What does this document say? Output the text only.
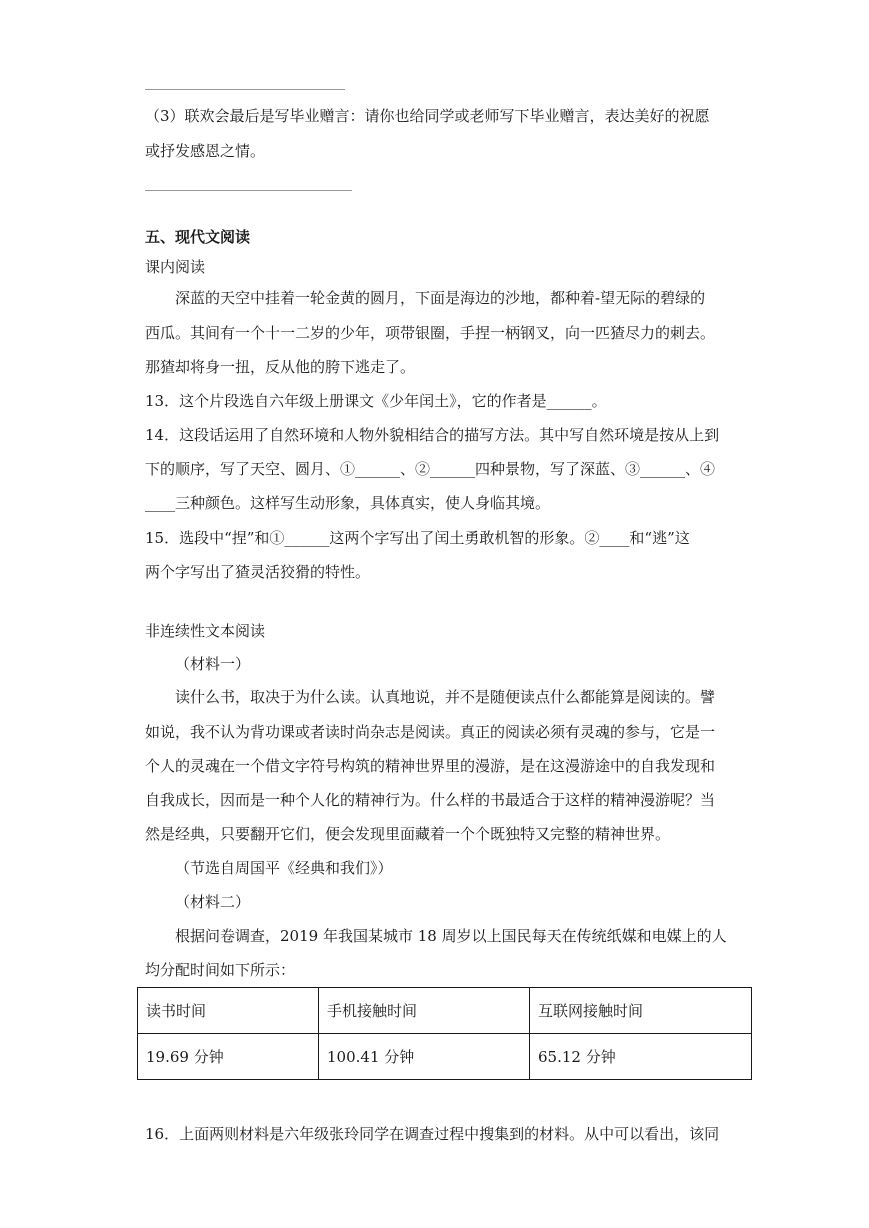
（3）联欢会最后是写毕业赠言：请你也给同学或老师写下毕业赠言，表达美好的祝愿
或抒发感恩之情。
五、现代文阅读
课内阅读
深蓝的天空中挂着一轮金黄的圆月，下面是海边的沙地，都种着-望无际的碧绿的
西瓜。其间有一个十一二岁的少年，项带银圈，手捏一柄钢叉，向一匹猹尽力的刺去。
那猹却将身一扭，反从他的胯下逃走了。
13．这个片段选自六年级上册课文《少年闰土》，它的作者是______。
14．这段话运用了自然环境和人物外貌相结合的描写方法。其中写自然环境是按从上到
下的顺序，写了天空、圆月、①______、②______四种景物，写了深蓝、③______、④
____三种颜色。这样写生动形象，具体真实，使人身临其境。
15．选段中“捏”和①______这两个字写出了闰土勇敢机智的形象。②____和“逃”这
两个字写出了猹灵活狡猾的特性。
非连续性文本阅读
（材料一）
读什么书，取决于为什么读。认真地说，并不是随便读点什么都能算是阅读的。譬
如说，我不认为背功课或者读时尚杂志是阅读。真正的阅读必须有灵魂的参与，它是一
个人的灵魂在一个借文字符号构筑的精神世界里的漫游，是在这漫游途中的自我发现和
自我成长，因而是一种个人化的精神行为。什么样的书最适合于这样的精神漫游呢？当
然是经典，只要翻开它们，便会发现里面藏着一个个既独特又完整的精神世界。
（节选自周国平《经典和我们》）
（材料二）
根据问卷调查，2019 年我国某城市 18 周岁以上国民每天在传统纸媒和电媒上的人
均分配时间如下所示：
读书时间	手机接触时间	互联网接触时间
19.69 分钟	100.41 分钟	65.12 分钟
16．上面两则材料是六年级张玲同学在调查过程中搜集到的材料。从中可以看出，该同
